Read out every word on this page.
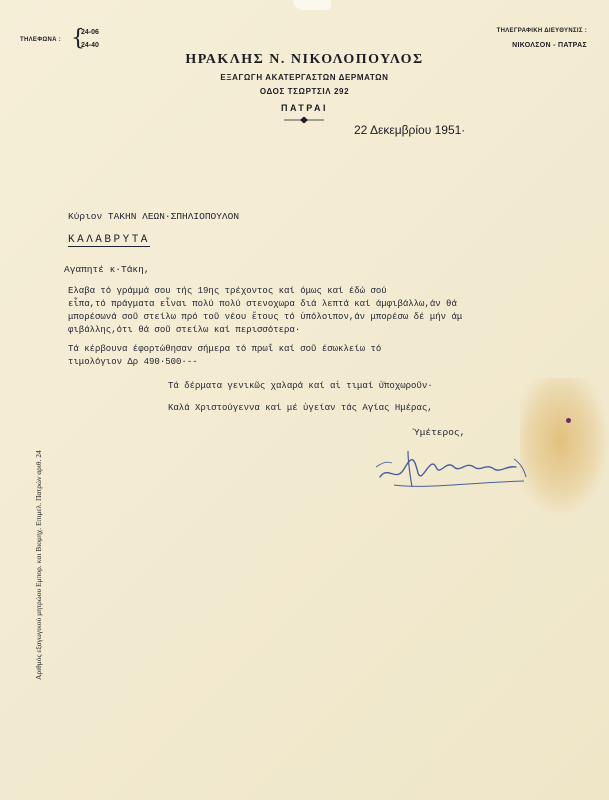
ΤΗΛΕΦΩΝΑ : {
24-06
24-40
ΤΗΛΕΓΡΑΦΙΚΗ ΔΙΕΥΘΥΝΣΙΣ :
ΝΙΚΟΛΣΟΝ - ΠΑΤΡΑΣ
ΗΡΑΚΛΗΣ Ν. ΝΙΚΟΛΟΠΟΥΛΟΣ
ΕΞΑΓΩΓΗ ΑΚΑΤΕΡΓΑΣΤΩΝ ΔΕΡΜΑΤΩΝ
ΟΔΟΣ ΤΣΩΡΤΣΙΛ 292
ΠΑΤΡΑΙ
22 Δεκεμβρίου 1951·
Κύριον ΤΑΚΗΝ ΛΕΩΝ·ΣΠΗΛΙΟΠΟΥΛΟΝ
ΚΑΛΑΒΡΥΤΑ
Αγαπητέ κ·Τάκη,
Ελαβα τό γράμμά σου τής 19ης τρέχοντος καί όμως καί έδώ σού
εἶπα,τό πράγματα εἶναι πολύ πολύ στενοχωρα διά λεπτά καί άμφιβάλλω,άν θά
μπορέσωνά σοῦ στείλω πρό τοῦ νέου ἔτους τό ὑπόλοιπον,άν μπορέσω δέ μήν άμ
φιβάλλης,ότι θά σοῦ στείλω καί περισσότερα·
Τά κέρβουνα έφορτώθησαν σήμερα τό πρωΐ καί σοῦ έσωκλείω τό
τιμολόγιον Δρ 490·500·--
Τά δέρματα γενικῶς χαλαρά καί αἱ τιμαί ὑ̈ποχωροῦν·
Καλά Χριστούγεννα καί μέ ὑγείαν τάς Αγίας Ημέρας,
Ὑμέτερος,
Αριθμός εξαγωγικού μητρώου Εμπορ. και Βιομηχ. Επιμελ. Πατρών αριθ. 24
